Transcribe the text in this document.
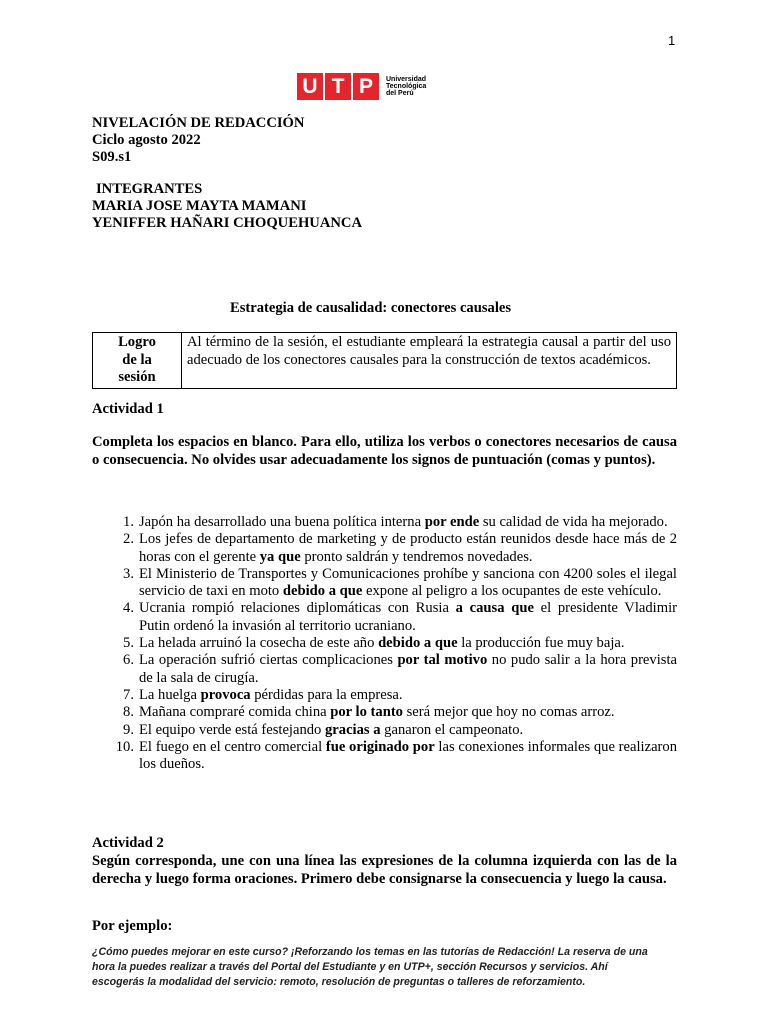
1
U T P	Universidad
Tecnológica
del Perú
NIVELACIÓN DE REDACCIÓN
Ciclo agosto 2022
S09.s1
INTEGRANTES
MARIA JOSE MAYTA MAMANI
YENIFFER HAÑARI CHOQUEHUANCA
Estrategia de causalidad: conectores causales
Logro
de la
sesión
	Al término de la sesión, el estudiante empleará la estrategia causal a partir del uso adecuado de los conectores causales para la construcción de textos académicos.
Actividad 1
Completa los espacios en blanco. Para ello, utiliza los verbos o conectores necesarios de causa o consecuencia. No olvides usar adecuadamente los signos de puntuación (comas y puntos).
1. Japón ha desarrollado una buena política interna por ende su calidad de vida ha mejorado.
2. Los jefes de departamento de marketing y de producto están reunidos desde hace más de 2 horas con el gerente ya que pronto saldrán y tendremos novedades.
3. El Ministerio de Transportes y Comunicaciones prohíbe y sanciona con 4200 soles el ilegal servicio de taxi en moto debido a que expone al peligro a los ocupantes de este vehículo.
4. Ucrania rompió relaciones diplomáticas con Rusia a causa que el presidente Vladimir Putin ordenó la invasión al territorio ucraniano.
5. La helada arruinó la cosecha de este año debido a que la producción fue muy baja.
6. La operación sufrió ciertas complicaciones por tal motivo no pudo salir a la hora prevista de la sala de cirugía.
7. La huelga provoca pérdidas para la empresa.
8. Mañana compraré comida china por lo tanto será mejor que hoy no comas arroz.
9. El equipo verde está festejando gracias a ganaron el campeonato.
10. El fuego en el centro comercial fue originado por las conexiones informales que realizaron los dueños.
Actividad 2
Según corresponda, une con una línea las expresiones de la columna izquierda con las de la derecha y luego forma oraciones. Primero debe consignarse la consecuencia y luego la causa.
Por ejemplo:
¿Cómo puedes mejorar en este curso? ¡Reforzando los temas en las tutorías de Redacción! La reserva de una
hora la puedes realizar a través del Portal del Estudiante y en UTP+, sección Recursos y servicios. Ahí
escogerás la modalidad del servicio: remoto, resolución de preguntas o talleres de reforzamiento.
